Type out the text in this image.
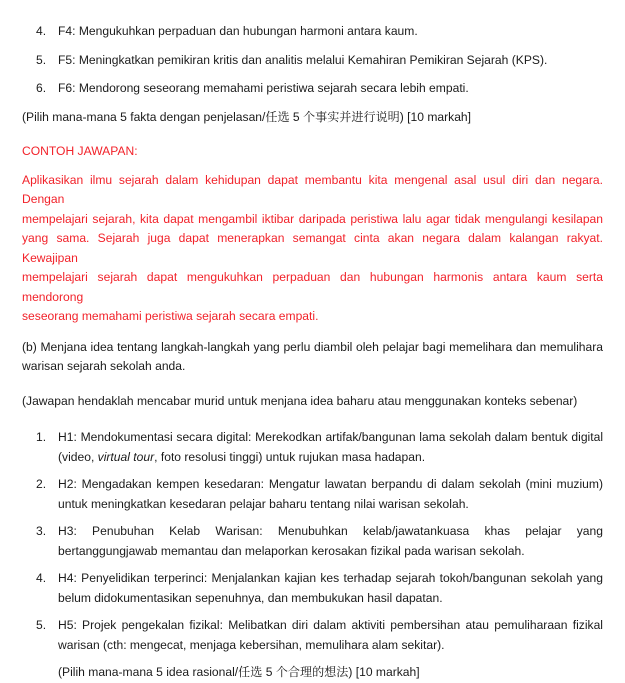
4. F4: Mengukuhkan perpaduan dan hubungan harmoni antara kaum.
5. F5: Meningkatkan pemikiran kritis dan analitis melalui Kemahiran Pemikiran Sejarah (KPS).
6. F6: Mendorong seseorang memahami peristiwa sejarah secara lebih empati.

(Pilih mana-mana 5 fakta dengan penjelasan/任选 5 个事实并进行说明) [10 markah]

CONTOH JAWAPAN:

Aplikasikan ilmu sejarah dalam kehidupan dapat membantu kita mengenal asal usul diri dan negara. Dengan
mempelajari sejarah, kita dapat mengambil iktibar daripada peristiwa lalu agar tidak mengulangi kesilapan
yang sama. Sejarah juga dapat menerapkan semangat cinta akan negara dalam kalangan rakyat. Kewajipan
mempelajari sejarah dapat mengukuhkan perpaduan dan hubungan harmonis antara kaum serta mendorong
seseorang memahami peristiwa sejarah secara empati.

(b) Menjana idea tentang langkah-langkah yang perlu diambil oleh pelajar bagi memelihara dan memulihara
warisan sejarah sekolah anda.

(Jawapan hendaklah mencabar murid untuk menjana idea baharu atau menggunakan konteks sebenar)

1. H1: Mendokumentasi secara digital: Merekodkan artifak/bangunan lama sekolah dalam bentuk digital
(video, virtual tour, foto resolusi tinggi) untuk rujukan masa hadapan.
2. H2: Mengadakan kempen kesedaran: Mengatur lawatan berpandu di dalam sekolah (mini muzium)
untuk meningkatkan kesedaran pelajar baharu tentang nilai warisan sekolah.
3. H3: Penubuhan Kelab Warisan: Menubuhkan kelab/jawatankuasa khas pelajar yang
bertanggungjawab memantau dan melaporkan kerosakan fizikal pada warisan sekolah.
4. H4: Penyelidikan terperinci: Menjalankan kajian kes terhadap sejarah tokoh/bangunan sekolah yang
belum didokumentasikan sepenuhnya, dan membukukan hasil dapatan.
5. H5: Projek pengekalan fizikal: Melibatkan diri dalam aktiviti pembersihan atau pemuliharaan fizikal
warisan (cth: mengecat, menjaga kebersihan, memulihara alam sekitar).

(Pilih mana-mana 5 idea rasional/任选 5 个合理的想法) [10 markah]
